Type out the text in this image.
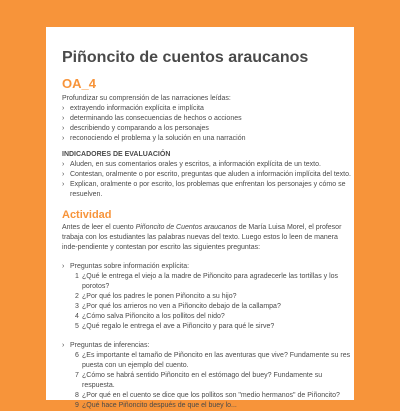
Piñoncito de cuentos araucanos
OA_4
Profundizar su comprensión de las narraciones leídas:
› extrayendo información explícita e implícita
› determinando las consecuencias de hechos o acciones
› describiendo y comparando a los personajes
› reconociendo el problema y la solución en una narración
INDICADORES DE EVALUACIÓN
› Aluden, en sus comentarios orales y escritos, a información explícita de un texto.
› Contestan, oralmente o por escrito, preguntas que aluden a información implícita del texto.
› Explican, oralmente o por escrito, los problemas que enfrentan los personajes y cómo se resuelven.
Actividad
Antes de leer el cuento Piñoncito de Cuentos araucanos de María Luisa Morel, el profesor trabaja con los estudiantes las palabras nuevas del texto. Luego estos lo leen de manera inde-pendiente y contestan por escrito las siguientes preguntas:
› Preguntas sobre información explícita:
1 ¿Qué le entrega el viejo a la madre de Piñoncito para agradecerle las tortillas y los porotos?
2 ¿Por qué los padres le ponen Piñoncito a su hijo?
3 ¿Por qué los arrieros no ven a Piñoncito debajo de la callampa?
4 ¿Cómo salva Piñoncito a los pollitos del nido?
5 ¿Qué regalo le entrega el ave a Piñoncito y para qué le sirve?
› Preguntas de inferencias:
6 ¿Es importante el tamaño de Piñoncito en las aventuras que vive? Fundamente su res puesta con un ejemplo del cuento.
7 ¿Cómo se habrá sentido Piñoncito en el estómago del buey? Fundamente su respuesta.
8 ¿Por qué en el cuento se dice que los pollitos son "medio hermanos" de Piñoncito?
9 ¿Qué hace Piñoncito después de que el buey lo...
